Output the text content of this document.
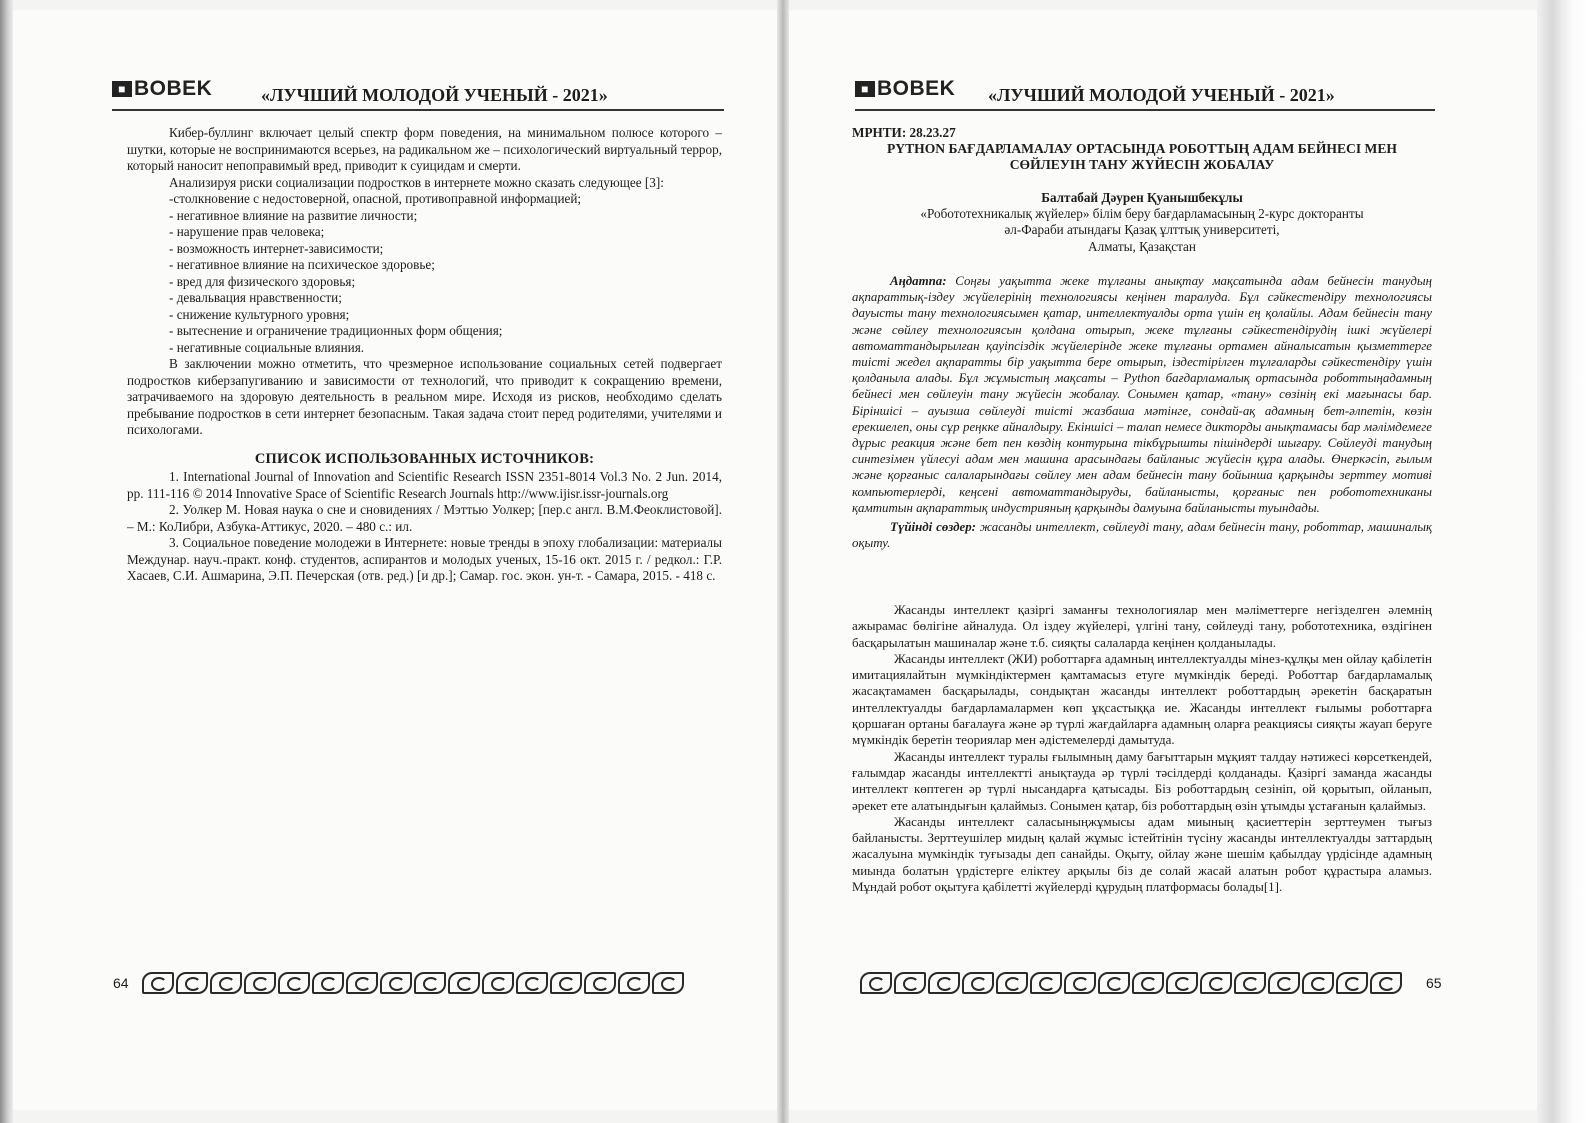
■ BOBEK	«ЛУЧШИЙ МОЛОДОЙ УЧЕНЫЙ - 2021»

Кибер-буллинг включает целый спектр форм поведения, на минимальном полюсе которого – шутки, которые не воспринимаются всерьез, на радикальном же – психологический виртуальный террор, который наносит непоправимый вред, приводит к суицидам и смерти.

Анализируя риски социализации подростков в интернете можно сказать следующее [3]:

-столкновение с недостоверной, опасной, противоправной информацией;
- негативное влияние на развитие личности;
- нарушение прав человека;
- возможность интернет-зависимости;
- негативное влияние на психическое здоровье;
- вред для физического здоровья;
- девальвация нравственности;
- снижение культурного уровня;
- вытеснение и ограничение традиционных форм общения;
- негативные социальные влияния.

В заключении можно отметить, что чрезмерное использование социальных сетей подвергает подростков киберзапугиванию и зависимости от технологий, что приводит к сокращению времени, затрачиваемого на здоровую деятельность в реальном мире. Исходя из рисков, необходимо сделать пребывание подростков в сети интернет безопасным. Такая задача стоит перед родителями, учителями и психологами.

СПИСОК ИСПОЛЬЗОВАННЫХ ИСТОЧНИКОВ:

1. International Journal of Innovation and Scientific Research ISSN 2351-8014 Vol.3 No. 2 Jun. 2014, pp. 111-116 © 2014 Innovative Space of Scientific Research Journals http://www.ijisr.issr-journals.org

2. Уолкер М. Новая наука о сне и сновидениях / Мэттью Уолкер; [пер.с англ. В.М.Феоклистовой]. – М.: КоЛибри, Азбука-Аттикус, 2020. – 480 с.: ил.

3. Социальное поведение молодежи в Интернете: новые тренды в эпоху глобализации: материалы Междунар. науч.-практ. конф. студентов, аспирантов и молодых ученых, 15-16 окт. 2015 г. / редкол.: Г.Р. Хасаев, С.И. Ашмарина, Э.П. Печерская (отв. ред.) [и др.]; Самар. гос. экон. ун-т. - Самара, 2015. - 418 с.

64
■ BOBEK «ЛУЧШИЙ МОЛОДОЙ УЧЕНЫЙ - 2021»
МРНТИ: 28.23.27
PYTHON БАҒДАРЛАМАЛАУ ОРТАСЫНДА РОБОТТЫҢ АДАМ БЕЙНЕСІ МЕН
СӨЙЛЕУІН ТАНУ ЖҮЙЕСІН ЖОБАЛАУ
Балтабай Дәурен Қуанышбекұлы
«Робототехникалық жүйелер» білім беру бағдарламасының 2-курс докторанты
әл-Фараби атындағы Қазақ ұлттық университеті,
Алматы, Қазақстан

Аңдатпа: Соңғы уақытта жеке тұлғаны анықтау мақсатында адам бейнесін танудың ақпараттық-іздеу жүйелерінің технологиясы кеңінен таралуда. Бұл сәйкестендіру технологиясы дауысты тану технологиясымен қатар, интеллектуалды орта үшін ең қолайлы. Адам бейнесін тану және сөйлеу технологиясын қолдана отырып, жеке тұлғаны сәйкестендірудің ішкі жүйелері автоматтандырылған қауіпсіздік жүйелерінде жеке тұлғаны ортамен айналысатын қызметтерге тиісті жедел ақпаратты бір уақытта бере отырып, іздестірілген тұлғаларды сәйкестендіру үшін қолданыла алады. Бұл жұмыстың мақсаты – Python бағдарламалық ортасында роботтыңадамның бейнесі мен сөйлеуін тану жүйесін жобалау. Сонымен қатар, «тану» сөзінің екі мағынасы бар. Біріншісі – ауызша сөйлеуді тиісті жазбаша мәтінге, сондай-ақ адамның бет-әлпетін, көзін ерекшелеп, оны сұр реңкке айналдыру. Екіншісі – талап немесе дикторды анықтамасы бар мәлімдемеге дұрыс реакция және бет пен көздің контурына тікбұрышты пішіндерді шығару. Сөйлеуді танудың синтезімен үйлесуі адам мен машина арасындағы байланыс жүйесін құра алады. Өнеркәсіп, ғылым және қорғаныс салаларындағы сөйлеу мен адам бейнесін тану бойынша қарқынды зерттеу мотиві компьютерлерді, кеңсені автоматтандыруды, байланысты, қорғаныс пен робототехниканы қамтитын ақпараттық индустрияның қарқынды дамуына байланысты туындады.

Түйінді сөздер: жасанды интеллект, сөйлеуді тану, адам бейнесін тану, роботтар, машиналық оқыту.

Жасанды интеллект қазіргі заманғы технологиялар мен мәліметтерге негізделген әлемнің ажырамас бөлігіне айналуда. Ол іздеу жүйелері, үлгіні тану, сөйлеуді тану, робототехника, өздігінен басқарылатын машиналар және т.б. сияқты салаларда кеңінен қолданылады.

Жасанды интеллект (ЖИ) роботтарға адамның интеллектуалды мінез-құлқы мен ойлау қабілетін имитациялайтын мүмкіндіктермен қамтамасыз етуге мүмкіндік береді. Роботтар бағдарламалық жасақтамамен басқарылады, сондықтан жасанды интеллект роботтардың әрекетін басқаратын интеллектуалды бағдарламалармен көп ұқсастыққа ие. Жасанды интеллект ғылымы роботтарға қоршаған ортаны бағалауға және әр түрлі жағдайларға адамның оларға реакциясы сияқты жауап беруге мүмкіндік беретін теориялар мен әдістемелерді дамытуда.

Жасанды интеллект туралы ғылымның даму бағыттарын мұқият талдау нәтижесі көрсеткендей, ғалымдар жасанды интеллектті анықтауда әр түрлі тәсілдерді қолданады. Қазіргі заманда жасанды интеллект көптеген әр түрлі нысандарға қатысады. Біз роботтардың сезініп, ой қорытып, ойланып, әрекет ете алатындығын қалаймыз. Сонымен қатар, біз роботтардың өзін ұтымды ұстағанын қалаймыз.

Жасанды интеллект саласыныңжұмысы адам миының қасиеттерін зерттеумен тығыз байланысты. Зерттеушілер мидың қалай жұмыс істейтінін түсіну жасанды интеллектуалды заттардың жасалуына мүмкіндік туғызады деп санайды. Оқыту, ойлау және шешім қабылдау үрдісінде адамның миында болатын үрдістерге еліктеу арқылы біз де солай жасай алатын робот құрастыра аламыз. Мұндай робот оқытуға қабілетті жүйелерді құрудың платформасы болады[1].

65
